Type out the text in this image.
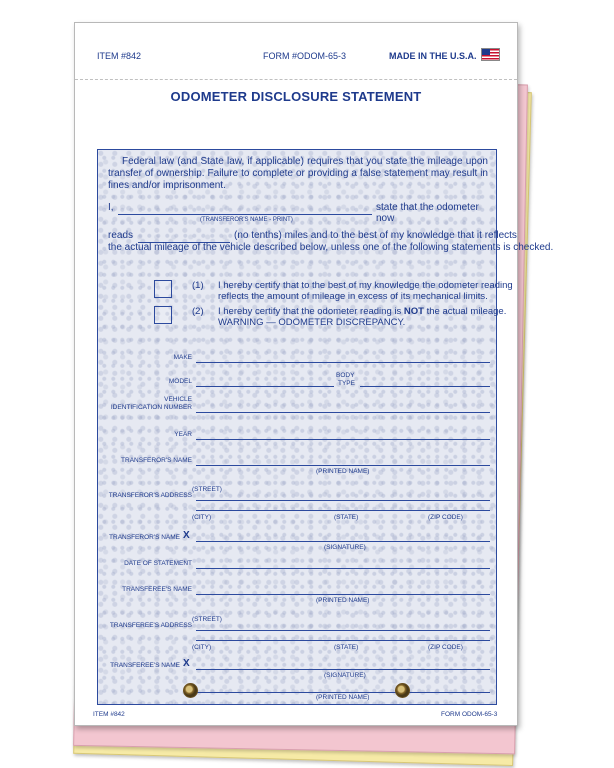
ITEM #842	FORM #ODOM-65-3	MADE IN THE U.S.A.
ODOMETER DISCLOSURE STATEMENT
Federal law (and State law, if applicable) requires that you state the mileage upon transfer of ownership. Failure to complete or providing a false statement may result in fines and/or imprisonment.
I,	state that the odometer now
(TRANSFEROR'S NAME - PRINT)
reads	(no tenths) miles and to the best of my knowledge that it reflects
the actual mileage of the vehicle described below, unless one of the following statements is checked.
(1) I hereby certify that to the best of my knowledge the odometer reading
reflects the amount of mileage in excess of its mechanical limits.
(2) I hereby certify that the odometer reading is NOT the actual mileage.
WARNING — ODOMETER DISCREPANCY.
MAKE
MODEL
BODY
TYPE
VEHICLE
IDENTIFICATION NUMBER
YEAR
TRANSFEROR'S NAME
(PRINTED NAME)
(STREET)
TRANSFEROR'S ADDRESS
(CITY)	(STATE)	(ZIP CODE)
TRANSFEROR'S NAME X
(SIGNATURE)
DATE OF STATEMENT
TRANSFEREE'S NAME
(PRINTED NAME)
(STREET)
TRANSFEREE'S ADDRESS
(CITY)	(STATE)	(ZIP CODE)
TRANSFEREE'S NAME X
(SIGNATURE)
(PRINTED NAME)
ITEM #842	FORM ODOM-65-3
